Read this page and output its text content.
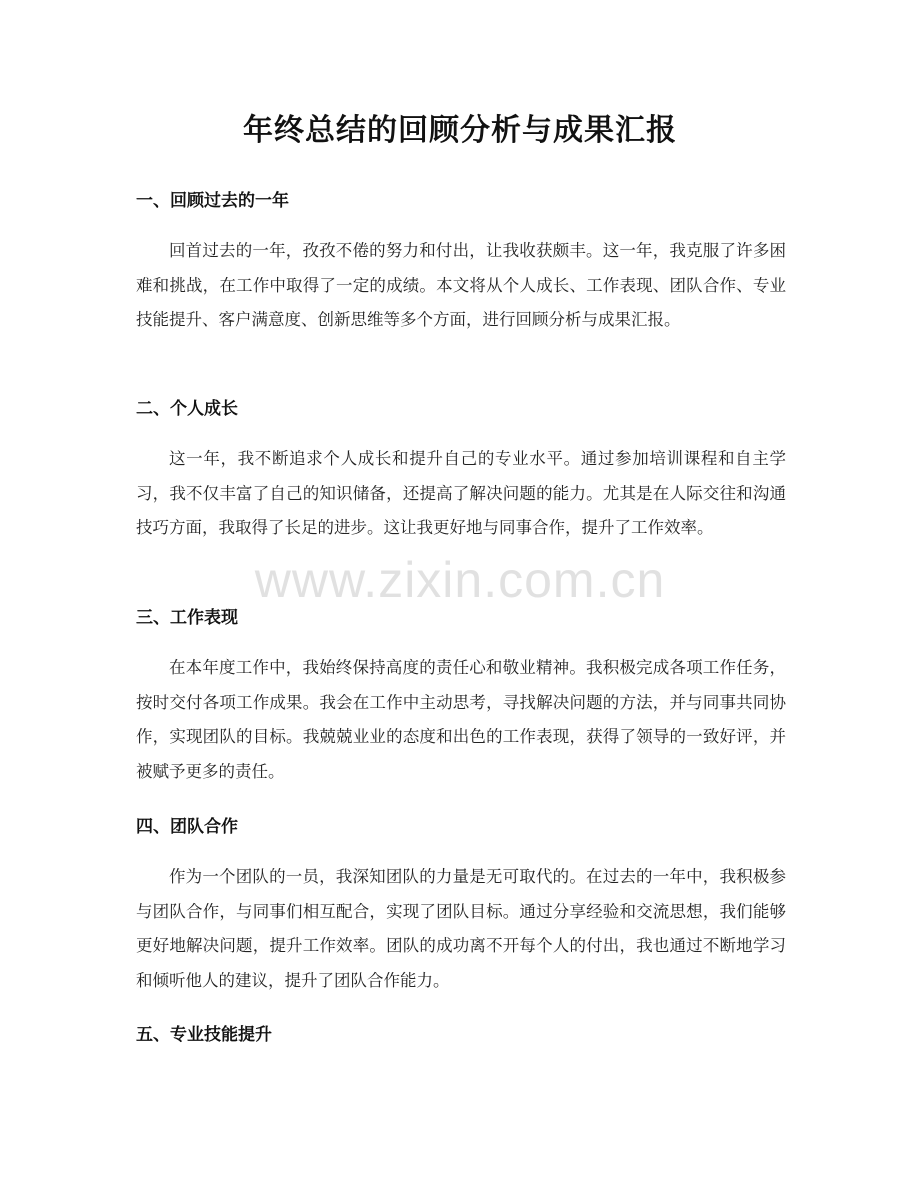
年终总结的回顾分析与成果汇报
一、回顾过去的一年

回首过去的一年，孜孜不倦的努力和付出，让我收获颇丰。这一年，我克服了许多困难和挑战，在工作中取得了一定的成绩。本文将从个人成长、工作表现、团队合作、专业技能提升、客户满意度、创新思维等多个方面，进行回顾分析与成果汇报。

二、个人成长

这一年，我不断追求个人成长和提升自己的专业水平。通过参加培训课程和自主学习，我不仅丰富了自己的知识储备，还提高了解决问题的能力。尤其是在人际交往和沟通技巧方面，我取得了长足的进步。这让我更好地与同事合作，提升了工作效率。

三、工作表现

在本年度工作中，我始终保持高度的责任心和敬业精神。我积极完成各项工作任务，按时交付各项工作成果。我会在工作中主动思考，寻找解决问题的方法，并与同事共同协作，实现团队的目标。我兢兢业业的态度和出色的工作表现，获得了领导的一致好评，并被赋予更多的责任。

四、团队合作

作为一个团队的一员，我深知团队的力量是无可取代的。在过去的一年中，我积极参与团队合作，与同事们相互配合，实现了团队目标。通过分享经验和交流思想，我们能够更好地解决问题，提升工作效率。团队的成功离不开每个人的付出，我也通过不断地学习和倾听他人的建议，提升了团队合作能力。

五、专业技能提升
www.zixin.com.cn
